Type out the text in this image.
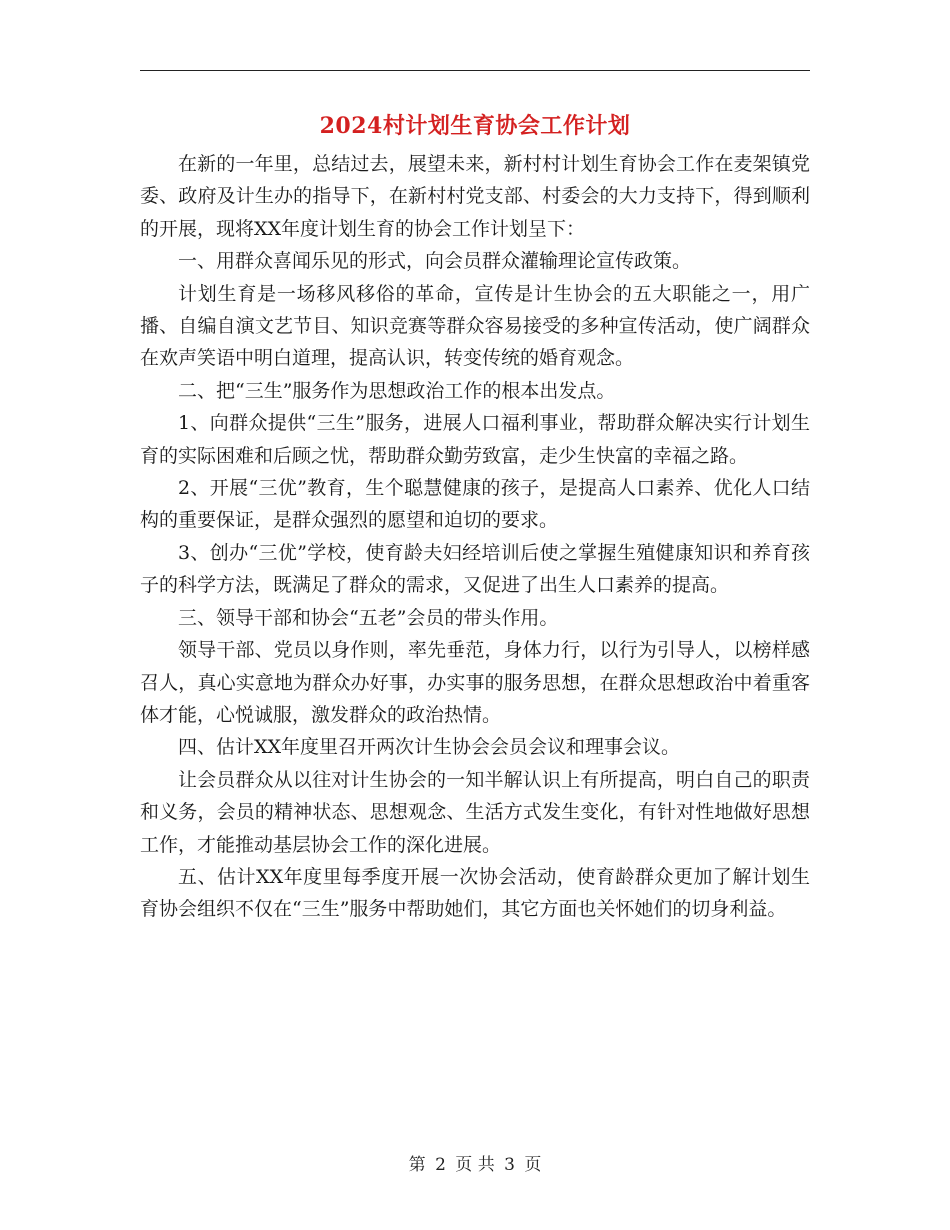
2024村计划生育协会工作计划

在新的一年里，总结过去，展望未来，新村村计划生育协会工作在麦架镇党委、政府及计生办的指导下，在新村村党支部、村委会的大力支持下，得到顺利的开展，现将XX年度计划生育的协会工作计划呈下：

一、用群众喜闻乐见的形式，向会员群众灌输理论宣传政策。

计划生育是一场移风移俗的革命，宣传是计生协会的五大职能之一，用广播、自编自演文艺节目、知识竞赛等群众容易接受的多种宣传活动，使广阔群众在欢声笑语中明白道理，提高认识，转变传统的婚育观念。

二、把“三生”服务作为思想政治工作的根本出发点。

1、向群众提供“三生”服务，进展人口福利事业，帮助群众解决实行计划生育的实际困难和后顾之忧，帮助群众勤劳致富，走少生快富的幸福之路。

2、开展“三优”教育，生个聪慧健康的孩子，是提高人口素养、优化人口结构的重要保证，是群众强烈的愿望和迫切的要求。

3、创办“三优”学校，使育龄夫妇经培训后使之掌握生殖健康知识和养育孩子的科学方法，既满足了群众的需求，又促进了出生人口素养的提高。

三、领导干部和协会“五老”会员的带头作用。

领导干部、党员以身作则，率先垂范，身体力行，以行为引导人，以榜样感召人，真心实意地为群众办好事，办实事的服务思想，在群众思想政治中着重客体才能，心悦诚服，激发群众的政治热情。

四、估计XX年度里召开两次计生协会会员会议和理事会议。

让会员群众从以往对计生协会的一知半解认识上有所提高，明白自己的职责和义务，会员的精神状态、思想观念、生活方式发生变化，有针对性地做好思想工作，才能推动基层协会工作的深化进展。

五、估计XX年度里每季度开展一次协会活动，使育龄群众更加了解计划生育协会组织不仅在“三生”服务中帮助她们，其它方面也关怀她们的切身利益。

第 2 页 共 3 页
